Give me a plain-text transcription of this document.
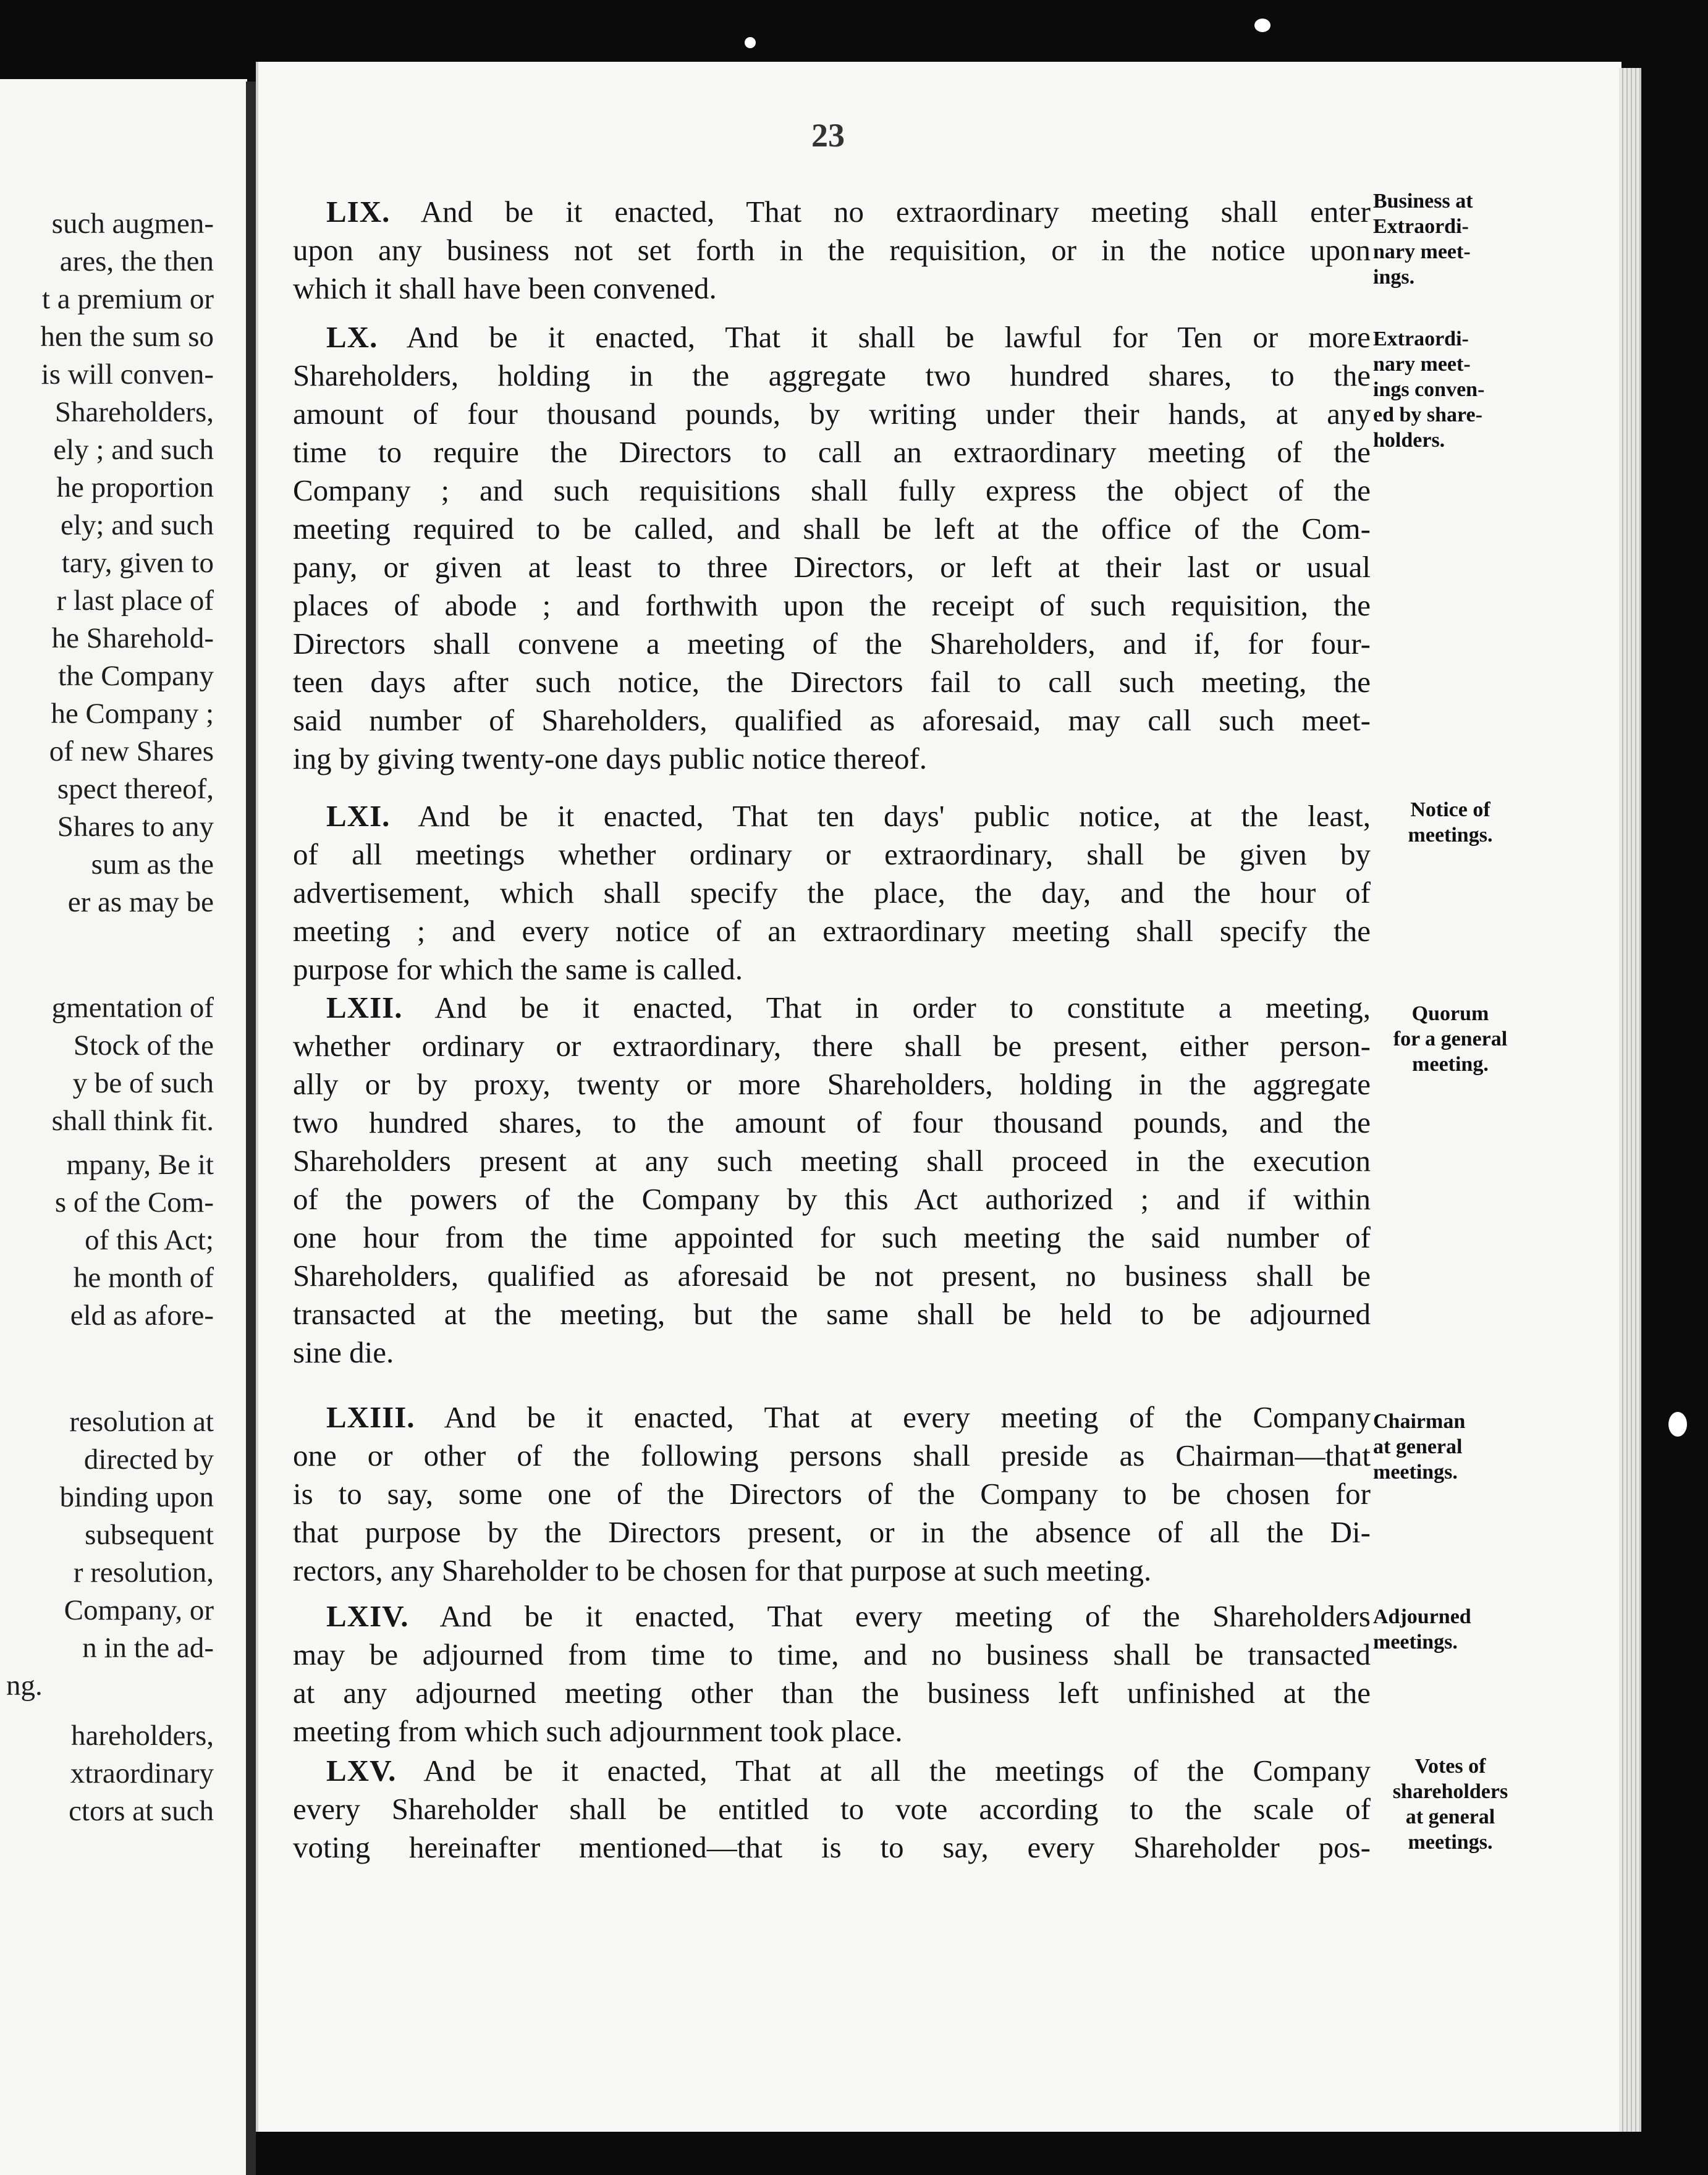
23
such augmen-
ares, the then
t a premium or
hen the sum so
is will conven-
Shareholders,
ely ; and such
he proportion
ely; and such
tary, given to
r last place of
he Sharehold-
the Company
he Company ;
of new Shares
spect thereof,
Shares to any
sum as the
er as may be
gmentation of
Stock of the
y be of such
shall think fit.
mpany, Be it
s of the Com-
of this Act;
he month of
eld as afore-
resolution at
directed by
binding upon
subsequent
r resolution,
Company, or
n in the ad-
ng.
hareholders,
xtraordinary
ctors at such
LIX. And be it enacted, That no extraordinary meeting shall enter
upon any business not set forth in the requisition, or in the notice upon
which it shall have been convened.
Business at
Extraordi-
nary meet-
ings.
LX. And be it enacted, That it shall be lawful for Ten or more
Shareholders, holding in the aggregate two hundred shares, to the
amount of four thousand pounds, by writing under their hands, at any
time to require the Directors to call an extraordinary meeting of the
Company ; and such requisitions shall fully express the object of the
meeting required to be called, and shall be left at the office of the Com-
pany, or given at least to three Directors, or left at their last or usual
places of abode ; and forthwith upon the receipt of such requisition, the
Directors shall convene a meeting of the Shareholders, and if, for four-
teen days after such notice, the Directors fail to call such meeting, the
said number of Shareholders, qualified as aforesaid, may call such meet-
ing by giving twenty-one days public notice thereof.
Extraordi-
nary meet-
ings conven-
ed by share-
holders.
LXI. And be it enacted, That ten days' public notice, at the least,
of all meetings whether ordinary or extraordinary, shall be given by
advertisement, which shall specify the place, the day, and the hour of
meeting ; and every notice of an extraordinary meeting shall specify the
purpose for which the same is called.
Notice of
meetings.
LXII. And be it enacted, That in order to constitute a meeting,
whether ordinary or extraordinary, there shall be present, either person-
ally or by proxy, twenty or more Shareholders, holding in the aggregate
two hundred shares, to the amount of four thousand pounds, and the
Shareholders present at any such meeting shall proceed in the execution
of the powers of the Company by this Act authorized ; and if within
one hour from the time appointed for such meeting the said number of
Shareholders, qualified as aforesaid be not present, no business shall be
transacted at the meeting, but the same shall be held to be adjourned
sine die.
Quorum
for a general
meeting.
LXIII. And be it enacted, That at every meeting of the Company
one or other of the following persons shall preside as Chairman—that
is to say, some one of the Directors of the Company to be chosen for
that purpose by the Directors present, or in the absence of all the Di-
rectors, any Shareholder to be chosen for that purpose at such meeting.
Chairman
at general
meetings.
LXIV. And be it enacted, That every meeting of the Shareholders
may be adjourned from time to time, and no business shall be transacted
at any adjourned meeting other than the business left unfinished at the
meeting from which such adjournment took place.
Adjourned
meetings.
LXV. And be it enacted, That at all the meetings of the Company
every Shareholder shall be entitled to vote according to the scale of
voting hereinafter mentioned—that is to say, every Shareholder pos-
Votes of
shareholders
at general
meetings.
